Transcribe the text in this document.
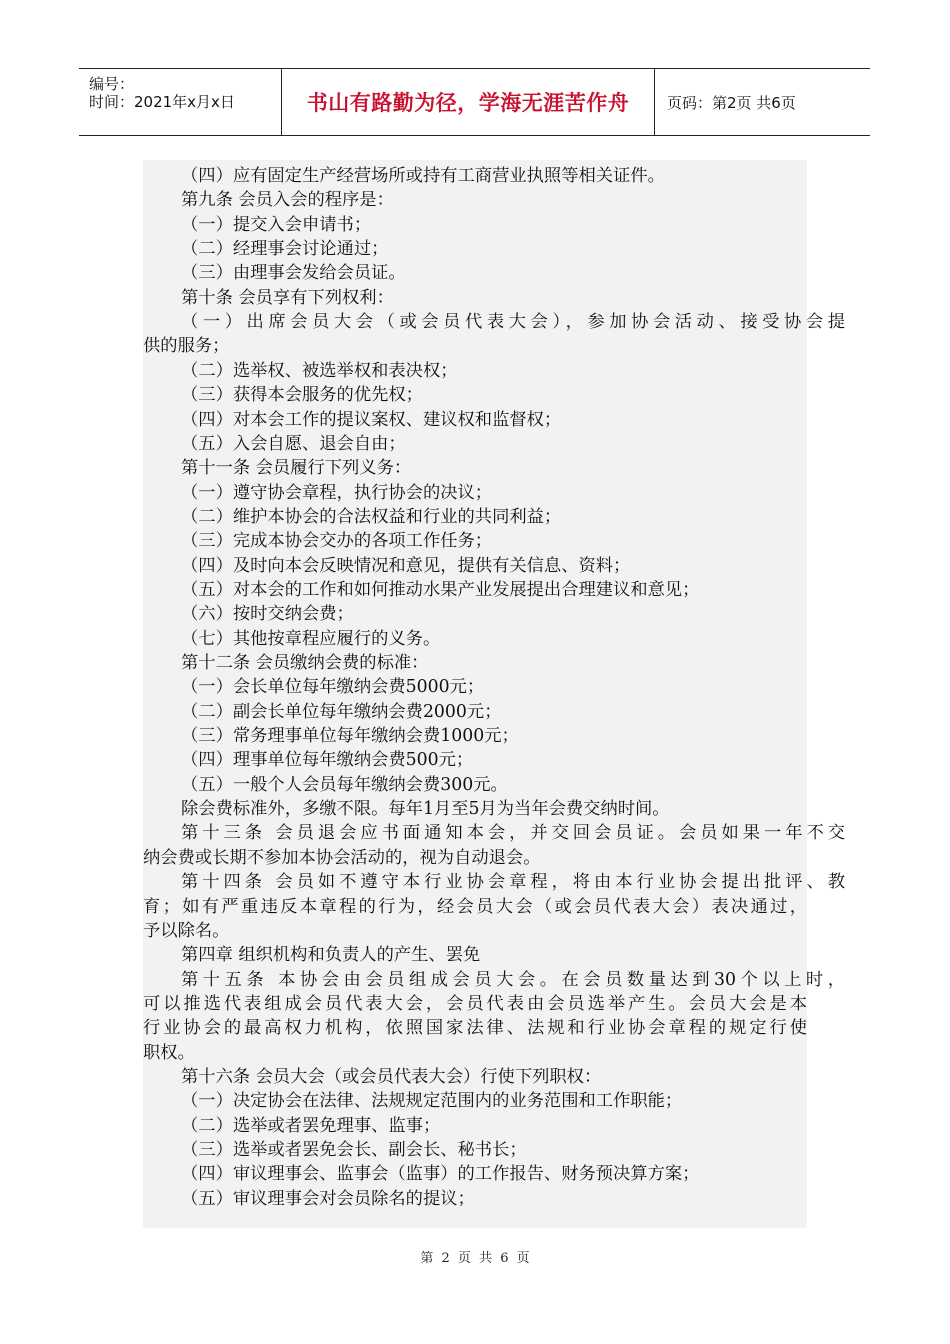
编号：
时间：2021年x月x日	书山有路勤为径，学海无涯苦作舟	页码：第2页 共6页
（四）应有固定生产经营场所或持有工商营业执照等相关证件。
第九条 会员入会的程序是：
（一）提交入会申请书；
（二）经理事会讨论通过；
（三）由理事会发给会员证。
第十条 会员享有下列权利：
（一）出席会员大会（或会员代表大会），参加协会活动、接受协会提
供的服务；
（二）选举权、被选举权和表决权；
（三）获得本会服务的优先权；
（四）对本会工作的提议案权、建议权和监督权；
（五）入会自愿、退会自由；
第十一条 会员履行下列义务：
（一）遵守协会章程，执行协会的决议；
（二）维护本协会的合法权益和行业的共同利益；
（三）完成本协会交办的各项工作任务；
（四）及时向本会反映情况和意见，提供有关信息、资料；
（五）对本会的工作和如何推动水果产业发展提出合理建议和意见；
（六）按时交纳会费；
（七）其他按章程应履行的义务。
第十二条 会员缴纳会费的标准：
（一）会长单位每年缴纳会费5000元；
（二）副会长单位每年缴纳会费2000元；
（三）常务理事单位每年缴纳会费1000元；
（四）理事单位每年缴纳会费500元；
（五）一般个人会员每年缴纳会费300元。
除会费标准外，多缴不限。每年1月至5月为当年会费交纳时间。
第十三条 会员退会应书面通知本会，并交回会员证。会员如果一年不交
纳会费或长期不参加本协会活动的，视为自动退会。
第十四条 会员如不遵守本行业协会章程，将由本行业协会提出批评、教
育；如有严重违反本章程的行为，经会员大会（或会员代表大会）表决通过，
予以除名。
第四章 组织机构和负责人的产生、罢免
第十五条 本协会由会员组成会员大会。在会员数量达到30个以上时，
可以推选代表组成会员代表大会，会员代表由会员选举产生。会员大会是本
行业协会的最高权力机构，依照国家法律、法规和行业协会章程的规定行使
职权。
第十六条 会员大会（或会员代表大会）行使下列职权：
（一）决定协会在法律、法规规定范围内的业务范围和工作职能；
（二）选举或者罢免理事、监事；
（三）选举或者罢免会长、副会长、秘书长；
（四）审议理事会、监事会（监事）的工作报告、财务预决算方案；
（五）审议理事会对会员除名的提议；
第 2 页 共 6 页
